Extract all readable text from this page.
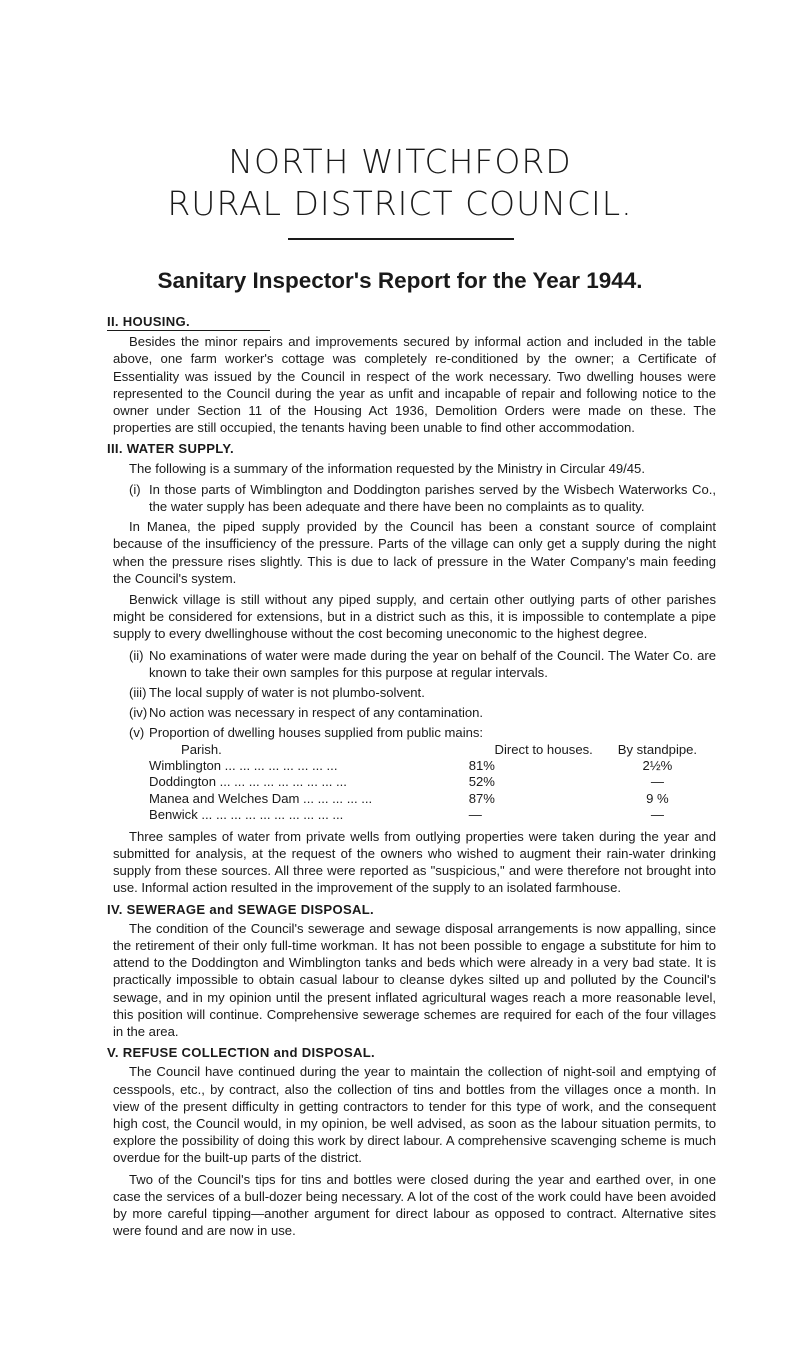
NORTH WITCHFORD
RURAL DISTRICT COUNCIL.
Sanitary Inspector's Report for the Year 1944.
II. HOUSING.

Besides the minor repairs and improvements secured by informal action and included in the table above, one farm worker's cottage was completely re-conditioned by the owner; a Certificate of Essentiality was issued by the Council in respect of the work necessary. Two dwelling houses were represented to the Council during the year as unfit and incapable of repair and following notice to the owner under Section 11 of the Housing Act 1936, Demolition Orders were made on these. The properties are still occupied, the tenants having been unable to find other accommodation.

III. WATER SUPPLY.

The following is a summary of the information requested by the Ministry in Circular 49/45.

(i) In those parts of Wimblington and Doddington parishes served by the Wisbech Waterworks Co., the water supply has been adequate and there have been no complaints as to quality.

In Manea, the piped supply provided by the Council has been a constant source of complaint because of the insufficiency of the pressure. Parts of the village can only get a supply during the night when the pressure rises slightly. This is due to lack of pressure in the Water Company's main feeding the Council's system.

Benwick village is still without any piped supply, and certain other outlying parts of other parishes might be considered for extensions, but in a district such as this, it is impossible to contemplate a pipe supply to every dwellinghouse without the cost becoming uneconomic to the highest degree.

(ii) No examinations of water were made during the year on behalf of the Council. The Water Co. are known to take their own samples for this purpose at regular intervals.
(iii) The local supply of water is not plumbo-solvent.
(iv) No action was necessary in respect of any contamination.
(v) Proportion of dwelling houses supplied from public mains:
Parish.	Direct to houses.	By standpipe.
Wimblington ... ... ... ... ... ... ... ...	81%	2½%
Doddington ... ... ... ... ... ... ... ... ...	52%	—
Manea and Welches Dam ... ... ... ... ...	87%	9 %
Benwick ... ... ... ... ... ... ... ... ... ...	—	—

Three samples of water from private wells from outlying properties were taken during the year and submitted for analysis, at the request of the owners who wished to augment their rain-water drinking supply from these sources. All three were reported as "suspicious," and were therefore not brought into use. Informal action resulted in the improvement of the supply to an isolated farmhouse.

IV. SEWERAGE and SEWAGE DISPOSAL.

The condition of the Council's sewerage and sewage disposal arrangements is now appalling, since the retirement of their only full-time workman. It has not been possible to engage a substitute for him to attend to the Doddington and Wimblington tanks and beds which were already in a very bad state. It is practically impossible to obtain casual labour to cleanse dykes silted up and polluted by the Council's sewage, and in my opinion until the present inflated agricultural wages reach a more reasonable level, this position will continue. Comprehensive sewerage schemes are required for each of the four villages in the area.

V. REFUSE COLLECTION and DISPOSAL.

The Council have continued during the year to maintain the collection of night-soil and emptying of cesspools, etc., by contract, also the collection of tins and bottles from the villages once a month. In view of the present difficulty in getting contractors to tender for this type of work, and the consequent high cost, the Council would, in my opinion, be well advised, as soon as the labour situation permits, to explore the possibility of doing this work by direct labour. A comprehensive scavenging scheme is much overdue for the built-up parts of the district.

Two of the Council's tips for tins and bottles were closed during the year and earthed over, in one case the services of a bull-dozer being necessary. A lot of the cost of the work could have been avoided by more careful tipping—another argument for direct labour as opposed to contract. Alternative sites were found and are now in use.
